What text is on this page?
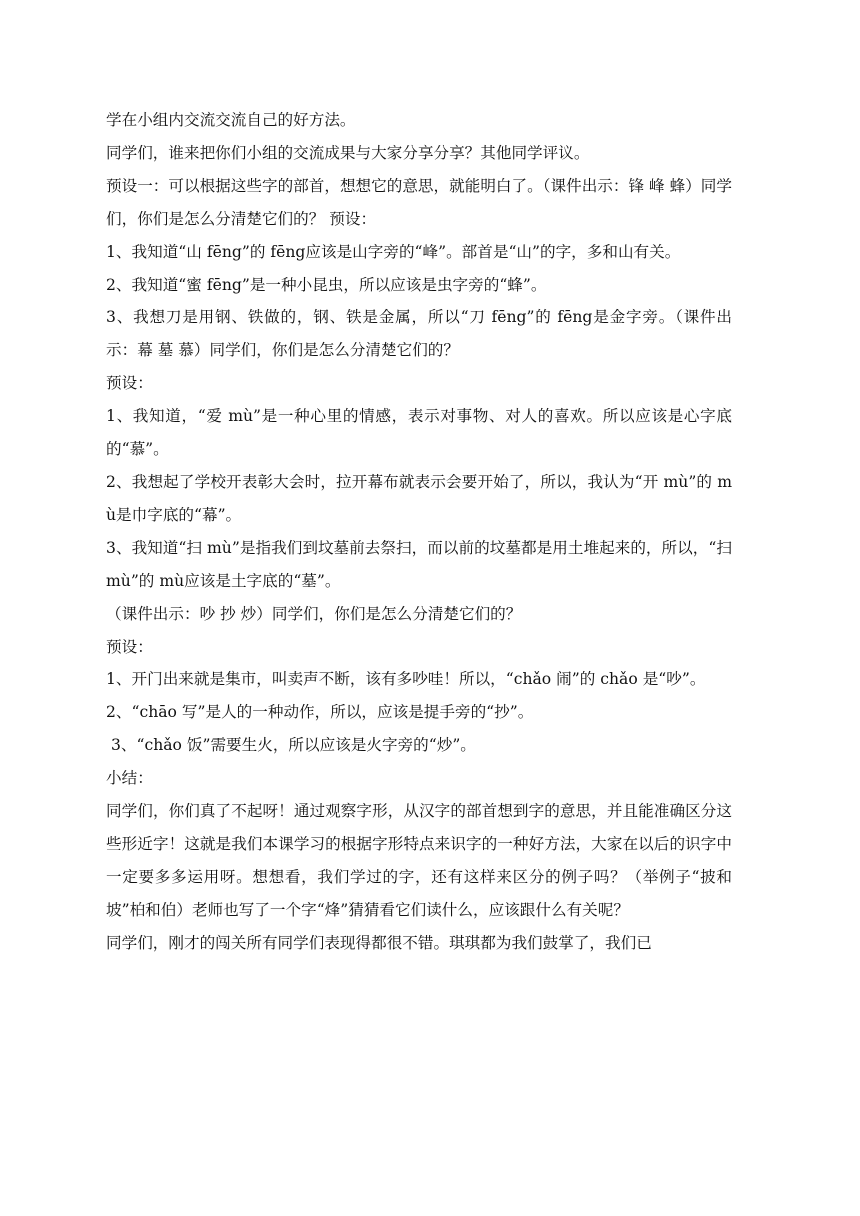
学在小组内交流交流自己的好方法。

同学们，谁来把你们小组的交流成果与大家分享分享？其他同学评议。

预设一：可以根据这些字的部首，想想它的意思，就能明白了。（课件出示：锋 峰 蜂）同学们，你们是怎么分清楚它们的？ 预设：

1、我知道“山 fēng”的 fēng应该是山字旁的“峰”。部首是“山”的字，多和山有关。

2、我知道“蜜 fēng”是一种小昆虫，所以应该是虫字旁的“蜂”。

3、我想刀是用钢、铁做的，钢、铁是金属，所以“刀 fēng”的 fēng是金字旁。（课件出示：幕 墓 慕）同学们，你们是怎么分清楚它们的？

预设：

1、我知道，“爱 mù”是一种心里的情感，表示对事物、对人的喜欢。所以应该是心字底的“慕”。

2、我想起了学校开表彰大会时，拉开幕布就表示会要开始了，所以，我认为“开 mù”的 mù是巾字底的“幕”。

3、我知道“扫 mù”是指我们到坟墓前去祭扫，而以前的坟墓都是用土堆起来的，所以，“扫 mù”的 mù应该是土字底的“墓”。

（课件出示：吵 抄 炒）同学们，你们是怎么分清楚它们的？

预设：

1、开门出来就是集市，叫卖声不断，该有多吵哇！所以，“chǎo 闹”的 chǎo 是“吵”。

2、“chāo 写”是人的一种动作，所以，应该是提手旁的“抄”。

3、“chǎo 饭”需要生火，所以应该是火字旁的“炒”。

小结：

同学们，你们真了不起呀！通过观察字形，从汉字的部首想到字的意思，并且能准确区分这些形近字！这就是我们本课学习的根据字形特点来识字的一种好方法，大家在以后的识字中一定要多多运用呀。想想看，我们学过的字，还有这样来区分的例子吗？（举例子“披和坡”柏和伯）老师也写了一个字“烽”猜猜看它们读什么，应该跟什么有关呢？

同学们，刚才的闯关所有同学们表现得都很不错。琪琪都为我们鼓掌了，我们已
